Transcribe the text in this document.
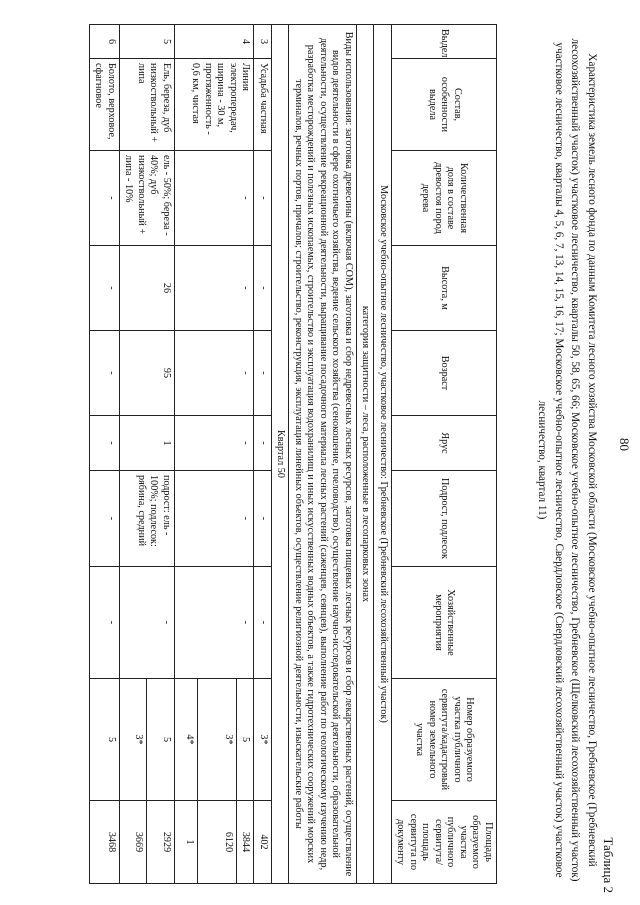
80
Таблица 2
Характеристика земель лесного фонда по данным Комитета лесного хозяйства Московской области (Московское учебно-опытное лесничество, Гребневское (Гребневский лесохозяйственный участок) участковое лесничество, кварталы 50, 58, 65, 66; Московское учебно-опытное лесничество, Гребневское (Щелковский лесохозяйственный участок) участковое лесничество, кварталы 4, 5, 6, 7, 13, 14, 15, 16, 17; Московское учебно-опытное лесничество, Свердловское (Свердловский лесохозяйственный участок) участковое лесничество, квартал 11)
Выдел	Состав, особенности выдела	Количественная доля в составе древостоя пород дерева	Высота, м	Возраст	Ярус	Подрост, подлесок	Хозяйственные мероприятия	Номер образуемого участка публичного сервитута/кадастровый номер земельного участка	Площадь образуемого участка публичного сервитута/площадь сервитута по документу
Московское учебно-опытное лесничество, участковое лесничество: Гребневское (Гребневский лесохозяйственный участок)									
категория защитности – леса, расположенные в лесопарковых зонах									
Виды использования: заготовка древесины (включая СОМ), заготовка и сбор недревесных лесных ресурсов, заготовка пищевых лесных ресурсов и сбор лекарственных растений, осуществление видов деятельности в сфере охотничьего хозяйства, ведение сельского хозяйства (сенокошение, пчеловодство), осуществление научно-исследовательской деятельности, образовательной деятельности, осуществление рекреационной деятельности, выращивание посадочного материала лесных растений (саженцев, сеянцев), выполнение работ по геологическому изучению недр, разработка месторождений и полезных ископаемых, строительство и эксплуатация водохранилищ и иных искусственных водных объектов, а также гидротехнических сооружений морских терминалов, речных портов, причалов; строительство, реконструкция, эксплуатация линейных объектов, осуществление религиозной деятельности, изыскательские работы									
Квартал 50									
3	Усадьба частная	-	-	-	-	-	-	3*	402
4	Линия электропередач, ширина - 30 м, протяженность - 0,6 км, чистая	-	-	-	-	-	-	5	3844
								3*	6120
								4*	1
5	Ель, береза, дуб низкоствольный + липа	ель - 50%; береза - 40%; дуб низкоствольный + липа - 10%	26	95	1	подрост: ель - 100%; подлесок: рябина, средний	-	5	2929
								3*	3669
6	Болото, верховое, сфагновое	-	-	-	-	-	-	5	3468
